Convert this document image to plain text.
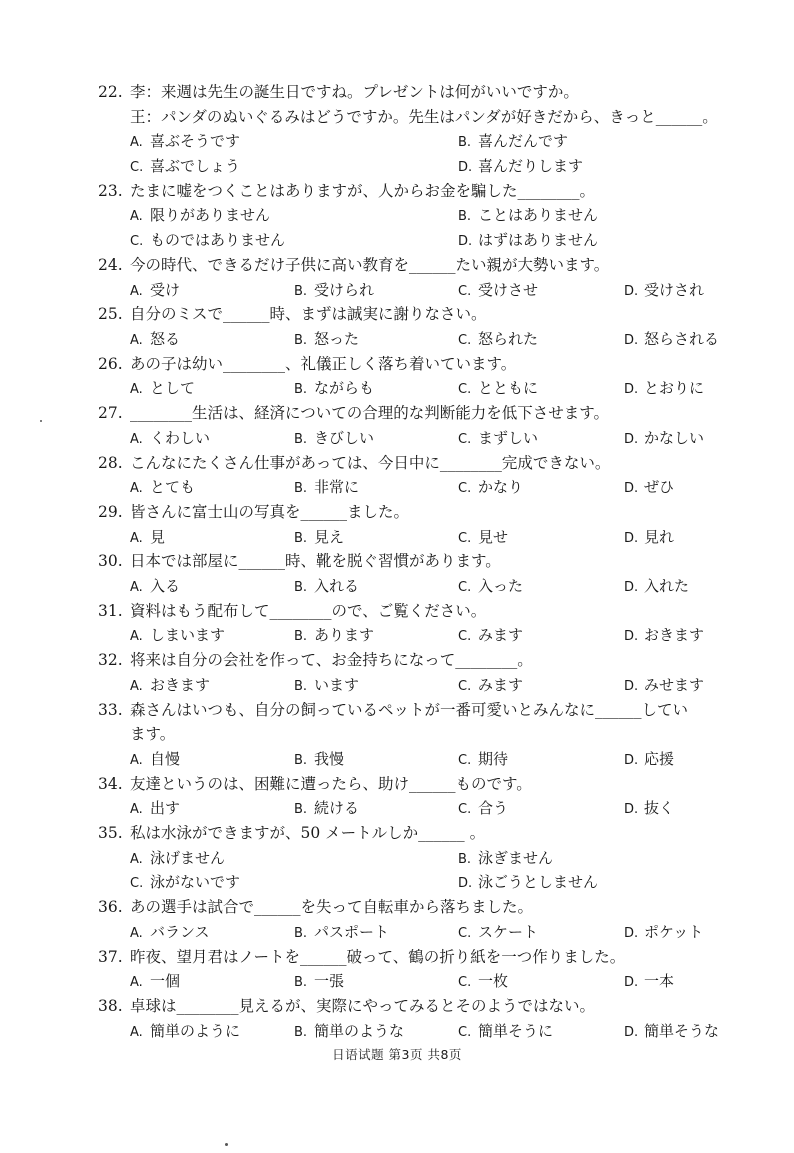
22. 李：来週は先生の誕生日ですね。プレゼントは何がいいですか。
王：パンダのぬいぐるみはどうですか。先生はパンダが好きだから、きっと______。
A. 喜ぶそうです	B. 喜んだんです
C. 喜ぶでしょう	D. 喜んだりします
23. たまに嘘をつくことはありますが、人からお金を騙した________。
A. 限りがありません	B. ことはありません
C. ものではありません	D. はずはありません
24. 今の時代、できるだけ子供に高い教育を______たい親が大勢います。
A. 受け	B. 受けられ	C. 受けさせ	D. 受けされ
25. 自分のミスで______時、まずは誠実に謝りなさい。
A. 怒る	B. 怒った	C. 怒られた	D. 怒らされる
26. あの子は幼い________、礼儀正しく落ち着いています。
A. として	B. ながらも	C. とともに	D. とおりに
27. ________生活は、経済についての合理的な判断能力を低下させます。
A. くわしい	B. きびしい	C. まずしい	D. かなしい
28. こんなにたくさん仕事があっては、今日中に________完成できない。
A. とても	B. 非常に	C. かなり	D. ぜひ
29. 皆さんに富士山の写真を______ました。
A. 見	B. 見え	C. 見せ	D. 見れ
30. 日本では部屋に______時、靴を脱ぐ習慣があります。
A. 入る	B. 入れる	C. 入った	D. 入れた
31. 資料はもう配布して________ので、ご覧ください。
A. しまいます	B. あります	C. みます	D. おきます
32. 将来は自分の会社を作って、お金持ちになって________。
A. おきます	B. います	C. みます	D. みせます
33. 森さんはいつも、自分の飼っているペットが一番可愛いとみんなに______してい
ます。
A. 自慢	B. 我慢	C. 期待	D. 応援
34. 友達というのは、困難に遭ったら、助け______ものです。
A. 出す	B. 続ける	C. 合う	D. 抜く
35. 私は水泳ができますが、50 メートルしか______ 。
A. 泳げません	B. 泳ぎません
C. 泳がないです	D. 泳ごうとしません
36. あの選手は試合で______を失って自転車から落ちました。
A. バランス	B. パスポート	C. スケート	D. ポケット
37. 昨夜、望月君はノートを______破って、鶴の折り紙を一つ作りました。
A. 一個	B. 一張	C. 一枚	D. 一本
38. 卓球は________見えるが、実際にやってみるとそのようではない。
A. 簡単のように	B. 簡単のような	C. 簡単そうに	D. 簡単そうな
日语试题 第3页 共8页
